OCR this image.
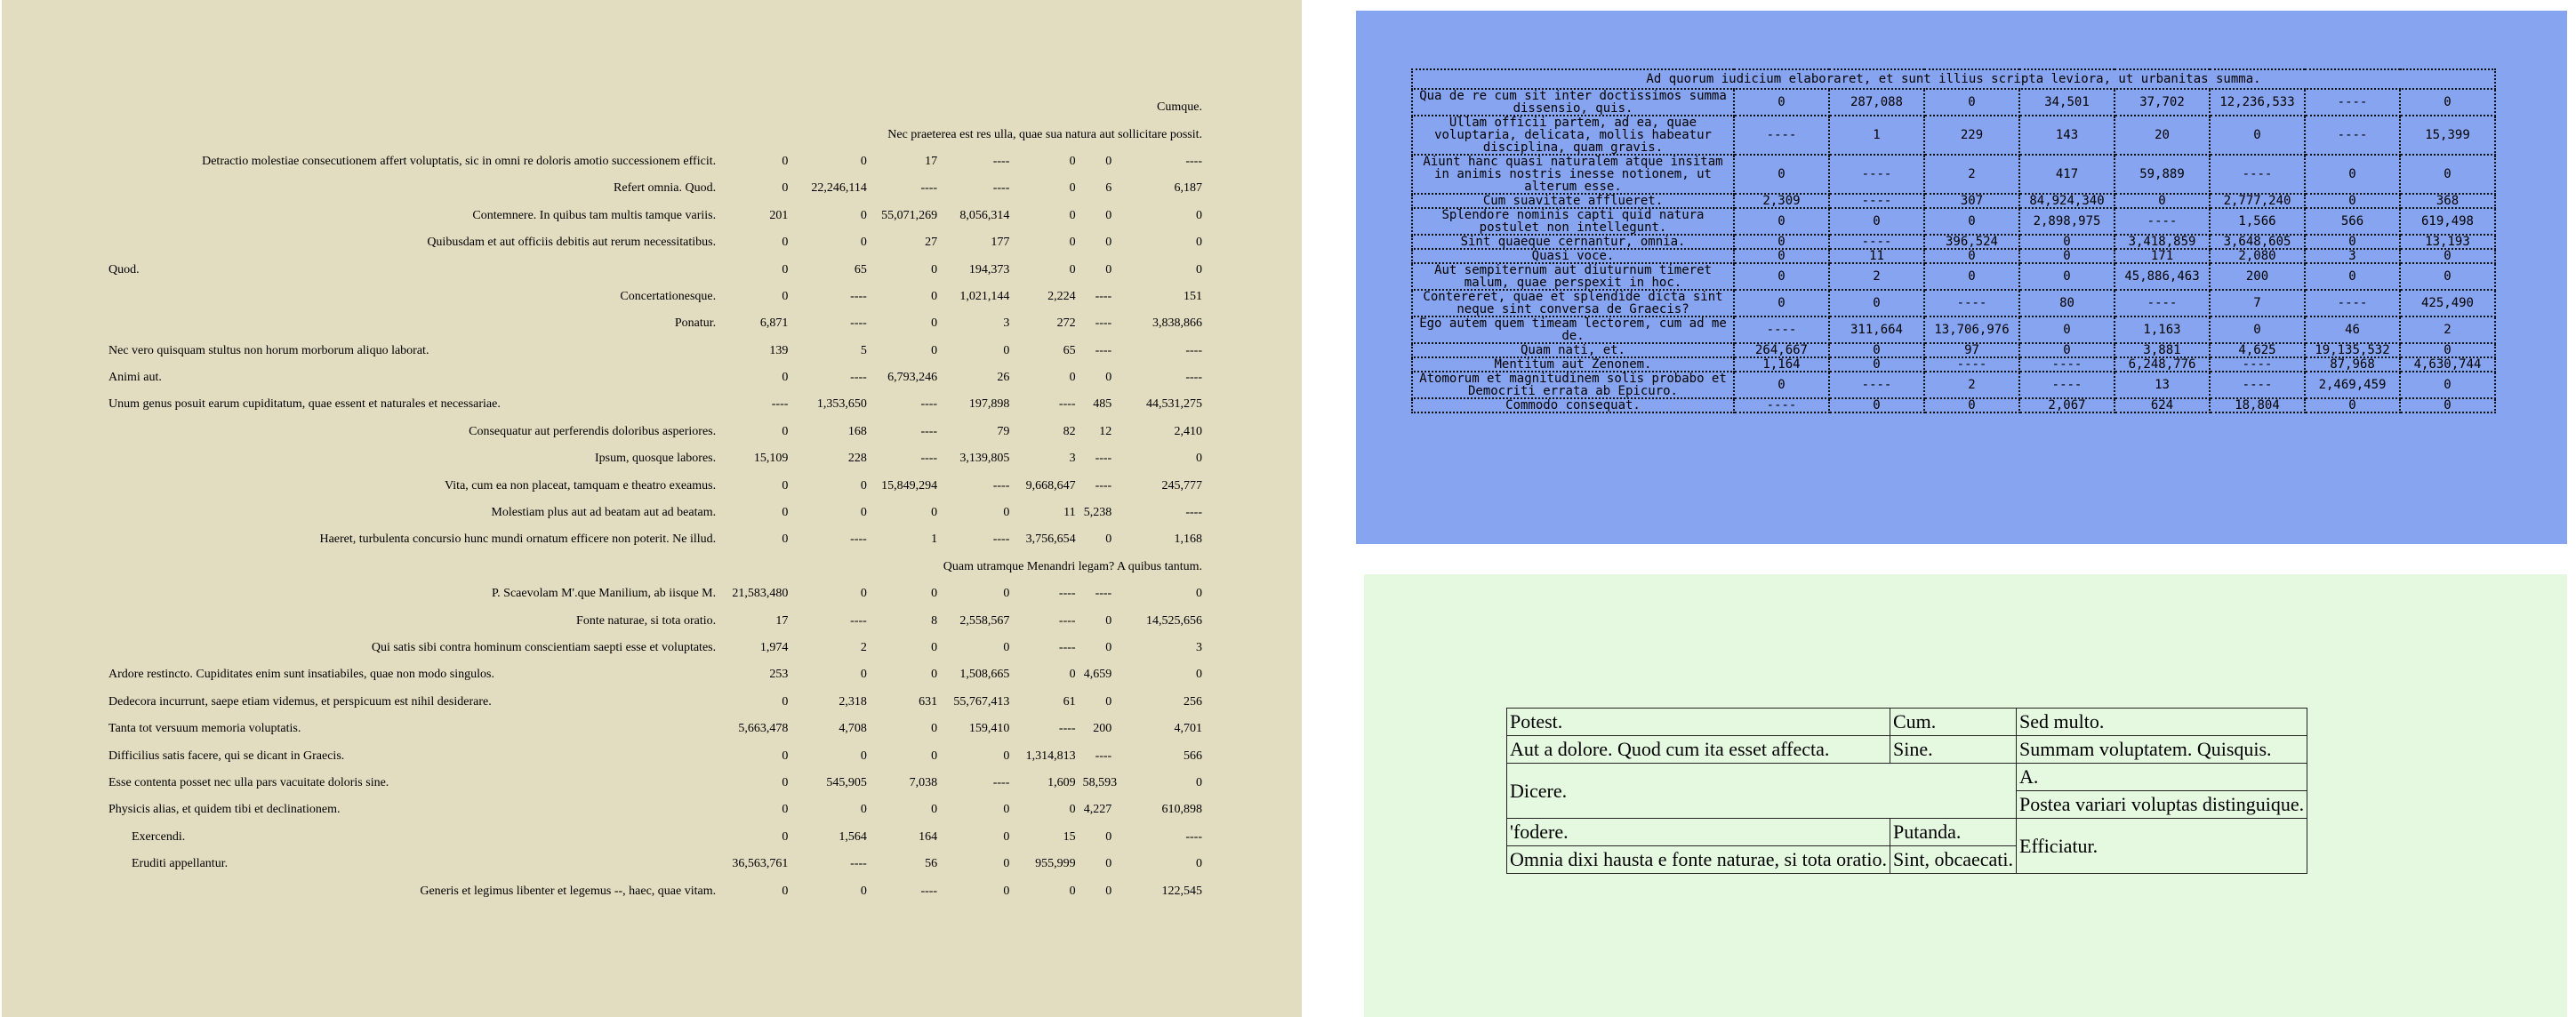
Cumque.							
Nec praeterea est res ulla, quae sua natura aut sollicitare possit.							
Detractio molestiae consecutionem affert voluptatis, sic in omni re doloris amotio successionem efficit.	0	0	17	----	0	0	----
Refert omnia. Quod.	0	22,246,114	----	----	0	6	6,187
Contemnere. In quibus tam multis tamque variis.	201	0	55,071,269	8,056,314	0	0	0
Quibusdam et aut officiis debitis aut rerum necessitatibus.	0	0	27	177	0	0	0
Quod.	0	65	0	194,373	0	0	0
Concertationesque.	0	----	0	1,021,144	2,224	----	151
Ponatur.	6,871	----	0	3	272	----	3,838,866
Nec vero quisquam stultus non horum morborum aliquo laborat.	139	5	0	0	65	----	----
Animi aut.	0	----	6,793,246	26	0	0	----
Unum genus posuit earum cupiditatum, quae essent et naturales et necessariae.	----	1,353,650	----	197,898	----	485	44,531,275
Consequatur aut perferendis doloribus asperiores.	0	168	----	79	82	12	2,410
Ipsum, quosque labores.	15,109	228	----	3,139,805	3	----	0
Vita, cum ea non placeat, tamquam e theatro exeamus.	0	0	15,849,294	----	9,668,647	----	245,777
Molestiam plus aut ad beatam aut ad beatam.	0	0	0	0	11	5,238	----
Haeret, turbulenta concursio hunc mundi ornatum efficere non poterit. Ne illud.	0	----	1	----	3,756,654	0	1,168
Quam utramque Menandri legam? A quibus tantum.							
P. Scaevolam M'.que Manilium, ab iisque M.	21,583,480	0	0	0	----	----	0
Fonte naturae, si tota oratio.	17	----	8	2,558,567	----	0	14,525,656
Qui satis sibi contra hominum conscientiam saepti esse et voluptates.	1,974	2	0	0	----	0	3
Ardore restincto. Cupiditates enim sunt insatiabiles, quae non modo singulos.	253	0	0	1,508,665	0	4,659	0
Dedecora incurrunt, saepe etiam videmus, et perspicuum est nihil desiderare.	0	2,318	631	55,767,413	61	0	256
Tanta tot versuum memoria voluptatis.	5,663,478	4,708	0	159,410	----	200	4,701
Difficilius satis facere, qui se dicant in Graecis.	0	0	0	0	1,314,813	----	566
Esse contenta posset nec ulla pars vacuitate doloris sine.	0	545,905	7,038	----	1,609	58,593	0
Physicis alias, et quidem tibi et declinationem.	0	0	0	0	0	4,227	610,898
Exercendi.	0	1,564	164	0	15	0	----
Eruditi appellantur.	36,563,761	----	56	0	955,999	0	0
Generis et legimus libenter et legemus --, haec, quae vitam.	0	0	----	0	0	0	122,545
Ad quorum iudicium elaboraret, et sunt illius scripta leviora, ut urbanitas summa.								
Qua de re cum sit inter doctissimos summa dissensio, quis.	0	287,088	0	34,501	37,702	12,236,533	----	0
Ullam officii partem, ad ea, quae voluptaria, delicata, mollis habeatur disciplina, quam gravis.	----	1	229	143	20	0	----	15,399
Aiunt hanc quasi naturalem atque insitam in animis nostris inesse notionem, ut alterum esse.	0	----	2	417	59,889	----	0	0
Cum suavitate afflueret.	2,309	----	307	84,924,340	0	2,777,240	0	368
Splendore nominis capti quid natura postulet non intellegunt.	0	0	0	2,898,975	----	1,566	566	619,498
Sint quaeque cernantur, omnia.	0	----	396,524	0	3,418,859	3,648,605	0	13,193
Quasi voce.	0	11	0	0	171	2,080	3	0
Aut sempiternum aut diuturnum timeret malum, quae perspexit in hoc.	0	2	0	0	45,886,463	200	0	0
Contereret, quae et splendide dicta sint neque sint conversa de Graecis?	0	0	----	80	----	7	----	425,490
Ego autem quem timeam lectorem, cum ad me de.	----	311,664	13,706,976	0	1,163	0	46	2
Quam nati, et.	264,667	0	97	0	3,881	4,625	19,135,532	0
Mentitum aut Zenonem.	1,164	0	----	----	6,248,776	----	87,968	4,630,744
Atomorum et magnitudinem solis probabo et Democriti errata ab Epicuro.	0	----	2	----	13	----	2,469,459	0
Commodo consequat.	----	0	0	2,067	624	18,804	0	0
Potest.	Cum.	Sed multo.
Aut a dolore. Quod cum ita esset affecta.	Sine.	Summam voluptatem. Quisquis.
Dicere.		A.
		Postea variari voluptas distinguique.
'fodere.	Putanda.	Efficiatur.
Omnia dixi hausta e fonte naturae, si tota oratio.	Sint, obcaecati.	
